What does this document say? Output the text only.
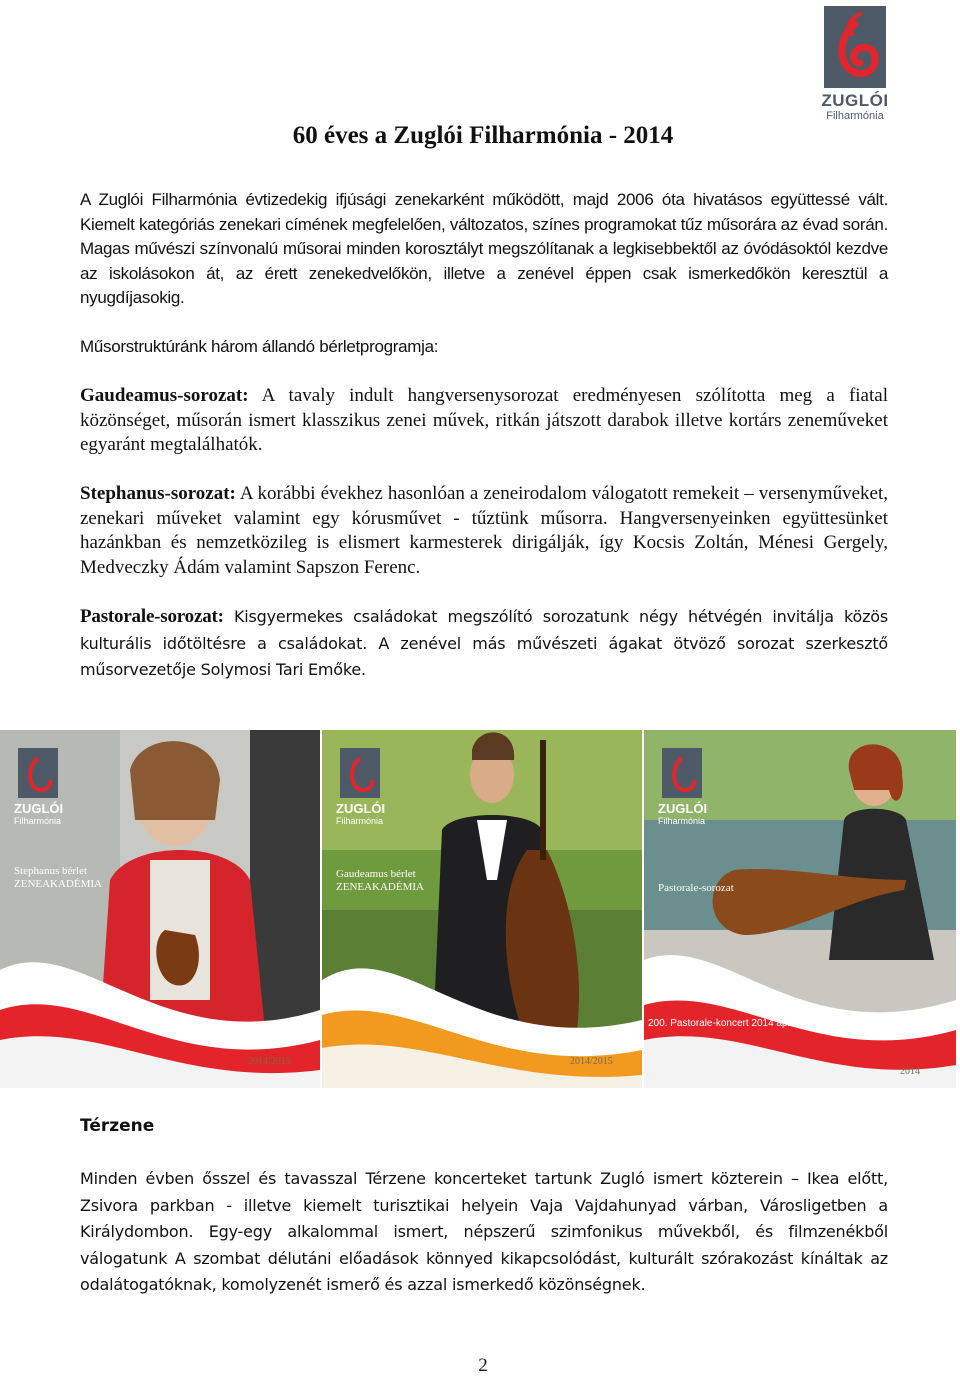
ZUGLÓI
Filharmónia
60 éves a Zuglói Filharmónia - 2014

A Zuglói Filharmónia évtizedekig ifjúsági zenekarként működött, majd 2006 óta hivatásos együttessé vált. Kiemelt kategóriás zenekari címének megfelelően, változatos, színes programokat tűz műsorára az évad során. Magas művészi színvonalú műsorai minden korosztályt megszólítanak a legkisebbektől az óvódásoktól kezdve az iskolásokon át, az érett zenekedvelőkön, illetve a zenével éppen csak ismerkedőkön keresztül a nyugdíjasokig.

Műsorstruktúránk három állandó bérletprogramja:

Gaudeamus-sorozat: A tavaly indult hangversenysorozat eredményesen szólította meg a fiatal közönséget, műsorán ismert klasszikus zenei művek, ritkán játszott darabok illetve kortárs zeneműveket egyaránt megtalálhatók.

Stephanus-sorozat: A korábbi évekhez hasonlóan a zeneirodalom válogatott remekeit – versenyműveket, zenekari műveket valamint egy kórusművet - tűztünk műsorra. Hangversenyeinken együttesünket hazánkban és nemzetközileg is elismert karmesterek dirigálják, így Kocsis Zoltán, Ménesi Gergely, Medveczky Ádám valamint Sapszon Ferenc.

Pastorale-sorozat: Kisgyermekes családokat megszólító sorozatunk négy hétvégén invitálja közös kulturális időtöltésre a családokat. A zenével más művészeti ágakat ötvöző sorozat szerkesztő műsorvezetője Solymosi Tari Emőke.

ZUGLÓI
Filharmónia
Stephanus bérlet
ZENEAKADÉMIA
2014/2015
ZUGLÓI
Filharmónia
Gaudeamus bérlet
ZENEAKADÉMIA
2014/2015
ZUGLÓI
Filharmónia
Pastorale-sorozat
200. Pastorale-koncert 2014 áprilisában
2014
Térzene

Minden évben ősszel és tavasszal Térzene koncerteket tartunk Zugló ismert közterein – Ikea előtt, Zsivora parkban - illetve kiemelt turisztikai helyein Vaja Vajdahunyad várban, Városligetben a Királydombon. Egy-egy alkalommal ismert, népszerű szimfonikus művekből, és filmzenékből válogatunk A szombat délutáni előadások könnyed kikapcsolódást, kulturált szórakozást kínáltak az odalátogatóknak, komolyzenét ismerő és azzal ismerkedő közönségnek.

2
